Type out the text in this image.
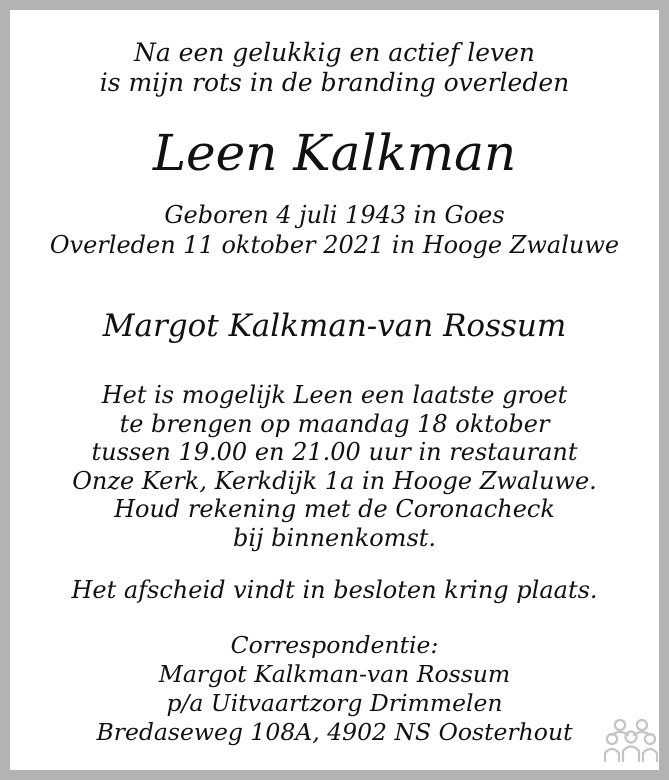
Na een gelukkig en actief leven
is mijn rots in de branding overleden
Leen Kalkman
Geboren 4 juli 1943 in Goes
Overleden 11 oktober 2021 in Hooge Zwaluwe
Margot Kalkman-van Rossum
Het is mogelijk Leen een laatste groet
te brengen op maandag 18 oktober
tussen 19.00 en 21.00 uur in restaurant
Onze Kerk, Kerkdijk 1a in Hooge Zwaluwe.
Houd rekening met de Coronacheck
bij binnenkomst.
Het afscheid vindt in besloten kring plaats.
Correspondentie:
Margot Kalkman-van Rossum
p/a Uitvaartzorg Drimmelen
Bredaseweg 108A, 4902 NS Oosterhout
